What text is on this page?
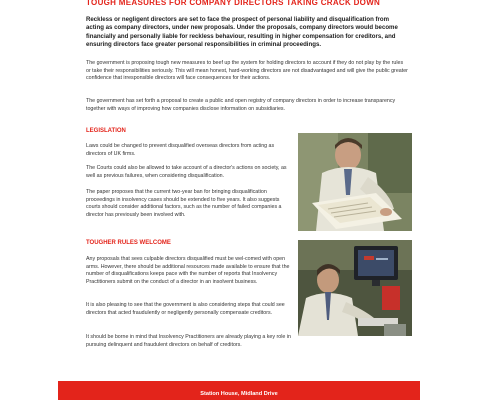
TOUGH MEASURES FOR COMPANY DIRECTORS TAKING CRACK DOWN

Reckless or negligent directors are set to face the prospect of personal liability and disqualification from acting as company directors, under new proposals. Under the proposals, company directors would become financially and personally liable for reckless behaviour, resulting in higher compensation for creditors, and ensuring directors face greater personal responsibilities in criminal proceedings.

The government is proposing tough new measures to beef up the system for holding directors to account if they do not play by the rules or take their responsibilities seriously. This will mean honest, hard-working directors are not disadvantaged and will give the public greater confidence that irresponsible directors will face consequences for their actions.

The government has set forth a proposal to create a public and open registry of company directors in order to increase transparency together with ways of improving how companies disclose information on subsidiaries.

LEGISLATION

Laws could be changed to prevent disqualified overseas directors from acting as directors of UK firms.

The Courts could also be allowed to take account of a director's actions on society, as well as previous failures, when considering disqualification.

The paper proposes that the current two-year ban for bringing disqualification proceedings in insolvency cases should be extended to five years. It also suggests courts should consider additional factors, such as the number of failed companies a director has previously been involved with.

TOUGHER RULES WELCOME

Any proposals that sees culpable directors disqualified must be wel-comed with open arms. However, there should be additional resources made available to ensure that the number of disqualifications keeps pace with the number of reports that Insolvency Practitioners submit on the conduct of a director in an insolvent business.

It is also pleasing to see that the government is also considering steps that could see directors that acted fraudulently or negligently personally compensate creditors.

It should be borne in mind that Insolvency Practitioners are already playing a key role in pursuing delinquent and fraudulent directors on behalf of creditors.

Station House, Midland Drive
